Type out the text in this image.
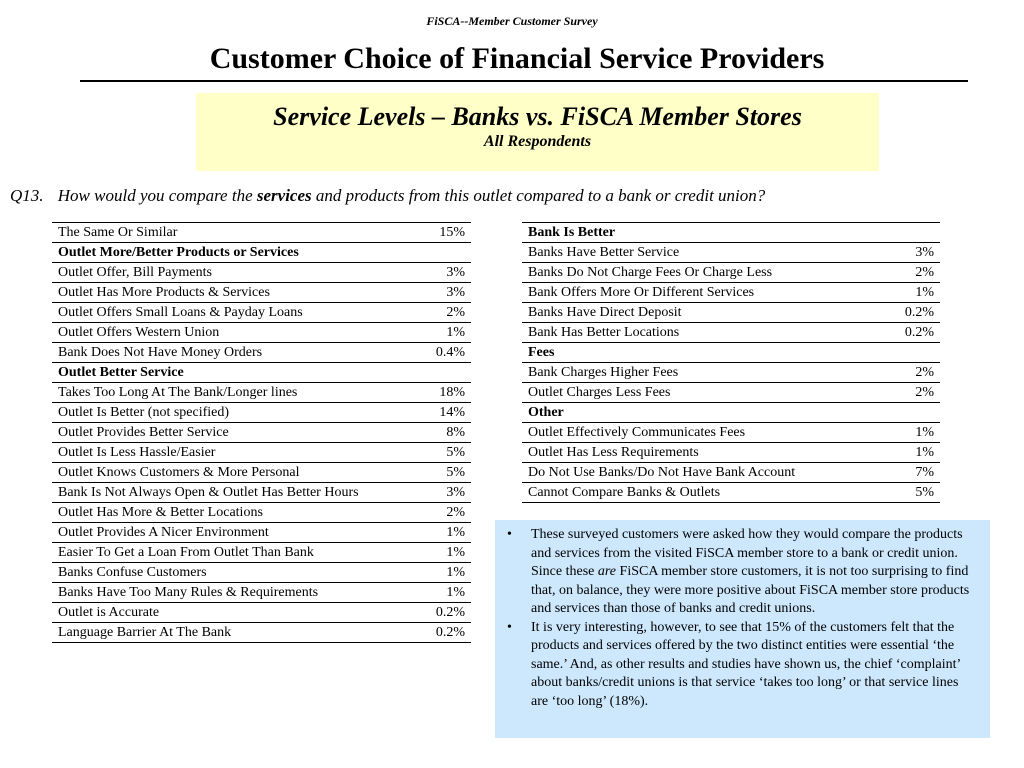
FiSCA--Member Customer Survey
Customer Choice of Financial Service Providers
Service Levels – Banks vs. FiSCA Member Stores
All Respondents
Q13. How would you compare the services and products from this outlet compared to a bank or credit union?
The Same Or Similar	15%
Outlet More/Better Products or Services	
Outlet Offer, Bill Payments	3%
Outlet Has More Products & Services	3%
Outlet Offers Small Loans & Payday Loans	2%
Outlet Offers Western Union	1%
Bank Does Not Have Money Orders	0.4%
Outlet Better Service	
Takes Too Long At The Bank/Longer lines	18%
Outlet Is Better (not specified)	14%
Outlet Provides Better Service	8%
Outlet Is Less Hassle/Easier	5%
Outlet Knows Customers & More Personal	5%
Bank Is Not Always Open & Outlet Has Better Hours	3%
Outlet Has More & Better Locations	2%
Outlet Provides A Nicer Environment	1%
Easier To Get a Loan From Outlet Than Bank	1%
Banks Confuse Customers	1%
Banks Have Too Many Rules & Requirements	1%
Outlet is Accurate	0.2%
Language Barrier At The Bank	0.2%
Bank Is Better	
Banks Have Better Service	3%
Banks Do Not Charge Fees Or Charge Less	2%
Bank Offers More Or Different Services	1%
Banks Have Direct Deposit	0.2%
Bank Has Better Locations	0.2%
Fees	
Bank Charges Higher Fees	2%
Outlet Charges Less Fees	2%
Other	
Outlet Effectively Communicates Fees	1%
Outlet Has Less Requirements	1%
Do Not Use Banks/Do Not Have Bank Account	7%
Cannot Compare Banks & Outlets	5%
• These surveyed customers were asked how they would compare the products and services from the visited FiSCA member store to a bank or credit union. Since these are FiSCA member store customers, it is not too surprising to find that, on balance, they were more positive about FiSCA member store products and services than those of banks and credit unions.
• It is very interesting, however, to see that 15% of the customers felt that the products and services offered by the two distinct entities were essential ‘the same.’ And, as other results and studies have shown us, the chief ‘complaint’ about banks/credit unions is that service ‘takes too long’ or that service lines are ‘too long’ (18%).
